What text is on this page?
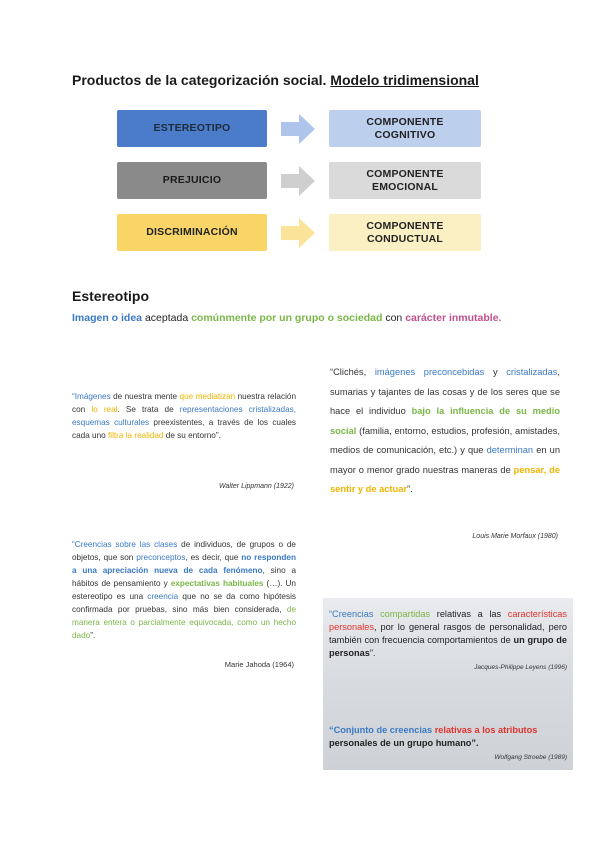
Productos de la categorización social. Modelo tridimensional
ESTEREOTIPO
COMPONENTE
COGNITIVO
PREJUICIO
COMPONENTE
EMOCIONAL
DISCRIMINACIÓN
COMPONENTE
CONDUCTUAL
Estereotipo
Imagen o idea aceptada comúnmente por un grupo o sociedad con carácter inmutable.
“Imágenes de nuestra mente que mediatizan nuestra relación con lo real. Se trata de representaciones cristalizadas, esquemas culturales preexistentes, a través de los cuales cada uno filtra la realidad de su entorno”.
Walter Lippmann (1922)
“Clichés, imágenes preconcebidas y cristalizadas, sumarias y tajantes de las cosas y de los seres que se hace el individuo bajo la influencia de su medio social (familia, entorno, estudios, profesión, amistades, medios de comunicación, etc.) y que determinan en un mayor o menor grado nuestras maneras de pensar, de sentir y de actuar”.
Louis Marie Morfaux (1980)
“Creencias sobre las clases de individuos, de grupos o de objetos, que son preconceptos, es decir, que no responden a una apreciación nueva de cada fenómeno, sino a hábitos de pensamiento y expectativas habituales (…). Un estereotipo es una creencia que no se da como hipótesis confirmada por pruebas, sino más bien considerada, de manera entera o parcialmente equivocada, como un hecho dado”.
Marie Jahoda (1964)
“Creencias compartidas relativas a las características personales, por lo general rasgos de personalidad, pero también con frecuencia comportamientos de un grupo de personas”.
Jacques-Philippe Leyens (1996)
“Conjunto de creencias relativas a los atributos personales de un grupo humano”.
Wolfgang Stroebe (1989)
